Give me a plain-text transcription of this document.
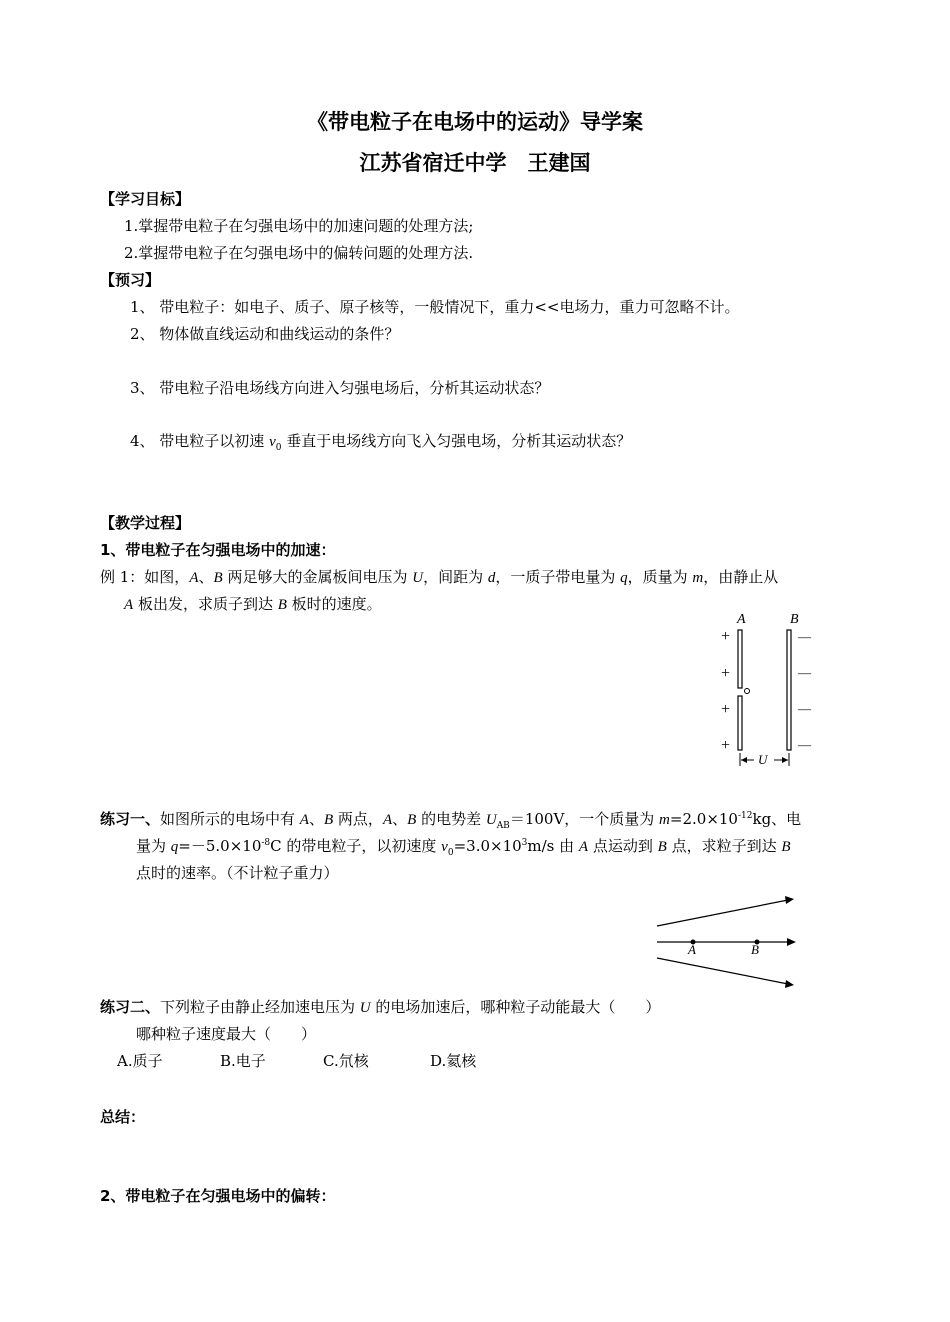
《带电粒子在电场中的运动》导学案
江苏省宿迁中学　王建国
【学习目标】
1.掌握带电粒子在匀强电场中的加速问题的处理方法;
2.掌握带电粒子在匀强电场中的偏转问题的处理方法.
【预习】
1、 带电粒子：如电子、质子、原子核等，一般情况下，重力<<电场力，重力可忽略不计。
2、 物体做直线运动和曲线运动的条件？
3、 带电粒子沿电场线方向进入匀强电场后，分析其运动状态？
4、 带电粒子以初速 $v_0$ 垂直于电场线方向飞入匀强电场，分析其运动状态？
【教学过程】
1、带电粒子在匀强电场中的加速：
例 1：如图，A、B 两足够大的金属板间电压为 U，间距为 d，一质子带电量为 q，质量为 m，由静止从
A 板出发，求质子到达 B 板时的速度。
A	B
+
+
+
+
—
—
—
—
U
练习一、如图所示的电场中有 A、B 两点，A、B 的电势差 $U_{AB}=100V$，一个质量为 $m=2.0\times 10^{-12}kg$、电
量为 $q=-5.0\times 10^{-8}C$ 的带电粒子，以初速度 $v_0=3.0\times 10^3m/s$ 由 A 点运动到 B 点，求粒子到达 B
点时的速率。（不计粒子重力）
A	B
练习二、下列粒子由静止经加速电压为 U 的电场加速后，哪种粒子动能最大（　　）
哪种粒子速度最大（　　）
A.质子	B.电子	C.氘核	D.氦核
总结：
2、带电粒子在匀强电场中的偏转：
